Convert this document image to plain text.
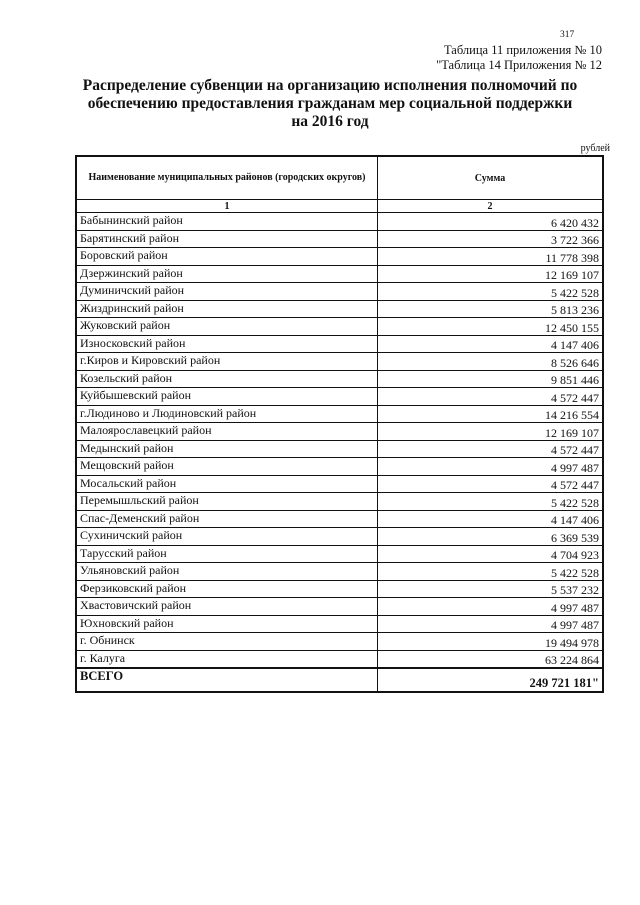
317
Таблица 11 приложения № 10
"Таблица 14 Приложения № 12
Распределение субвенции на организацию исполнения полномочий по
обеспечению предоставления гражданам мер социальной поддержки
на 2016 год
рублей
Наименование муниципальных районов (городских округов)	Сумма
1	2
Бабынинский район	6 420 432
Барятинский район	3 722 366
Боровский район	11 778 398
Дзержинский район	12 169 107
Думиничский район	5 422 528
Жиздринский район	5 813 236
Жуковский район	12 450 155
Износковский район	4 147 406
г.Киров и Кировский район	8 526 646
Козельский район	9 851 446
Куйбышевский район	4 572 447
г.Людиново и Людиновский район	14 216 554
Малоярославецкий район	12 169 107
Медынский район	4 572 447
Мещовский район	4 997 487
Мосальский район	4 572 447
Перемышльский район	5 422 528
Спас-Деменский район	4 147 406
Сухиничский район	6 369 539
Тарусский район	4 704 923
Ульяновский район	5 422 528
Ферзиковский район	5 537 232
Хвастовичский район	4 997 487
Юхновский район	4 997 487
г. Обнинск	19 494 978
г. Калуга	63 224 864
ВСЕГО	249 721 181"
